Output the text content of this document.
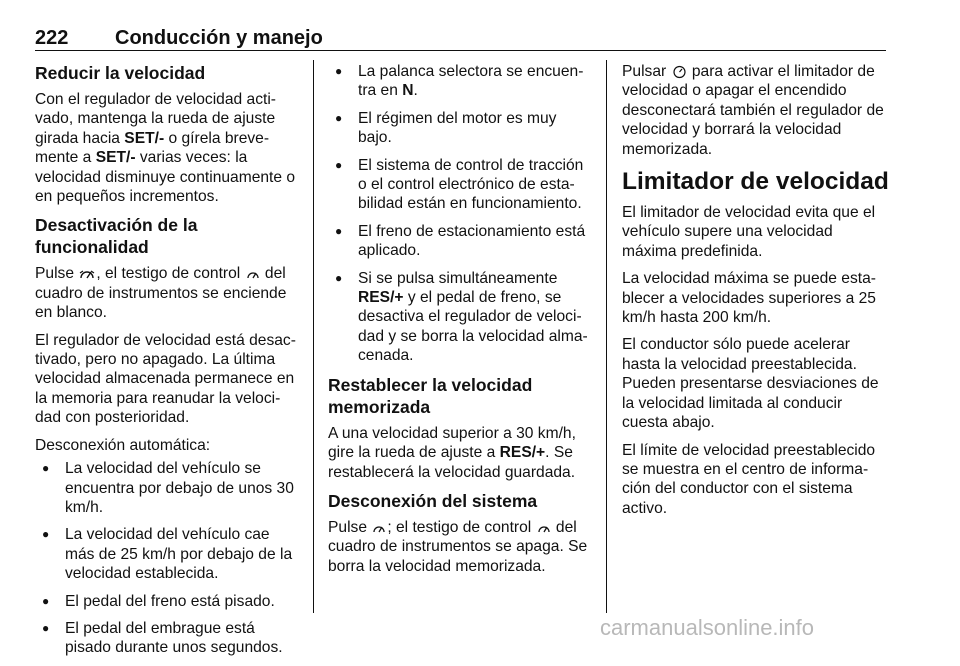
222 Conducción y manejo
Reducir la velocidad

Con el regulador de velocidad activado, mantenga la rueda de ajuste girada hacia SET/- o gírela brevemente a SET/- varias veces: la velocidad disminuye continuamente o en pequeños incrementos.

Desactivación de la funcionalidad

Pulse , el testigo de control  del cuadro de instrumentos se enciende en blanco.

El regulador de velocidad está desactivado, pero no apagado. La última velocidad almacenada permanece en la memoria para reanudar la velocidad con posterioridad.

Desconexión automática:

● La velocidad del vehículo se encuentra por debajo de unos 30 km/h.
● La velocidad del vehículo cae más de 25 km/h por debajo de la velocidad establecida.
● El pedal del freno está pisado.
● El pedal del embrague está pisado durante unos segundos.
● La palanca selectora se encuentra en N.
● El régimen del motor es muy bajo.
● El sistema de control de tracción o el control electrónico de estabilidad están en funcionamiento.
● El freno de estacionamiento está aplicado.
● Si se pulsa simultáneamente RES/+ y el pedal de freno, se desactiva el regulador de velocidad y se borra la velocidad almacenada.
Restablecer la velocidad memorizada

A una velocidad superior a 30 km/h, gire la rueda de ajuste a RES/+. Se restablecerá la velocidad guardada.

Desconexión del sistema

Pulse ; el testigo de control  del cuadro de instrumentos se apaga. Se borra la velocidad memorizada.

Pulsar  para activar el limitador de velocidad o apagar el encendido desconectará también el regulador de velocidad y borrará la velocidad memorizada.

Limitador de velocidad

El limitador de velocidad evita que el vehículo supere una velocidad máxima predefinida.

La velocidad máxima se puede establecer a velocidades superiores a 25 km/h hasta 200 km/h.

El conductor sólo puede acelerar hasta la velocidad preestablecida. Pueden presentarse desviaciones de la velocidad limitada al conducir cuesta abajo.

El límite de velocidad preestablecido se muestra en el centro de información del conductor con el sistema activo.

carmanualsonline.info
